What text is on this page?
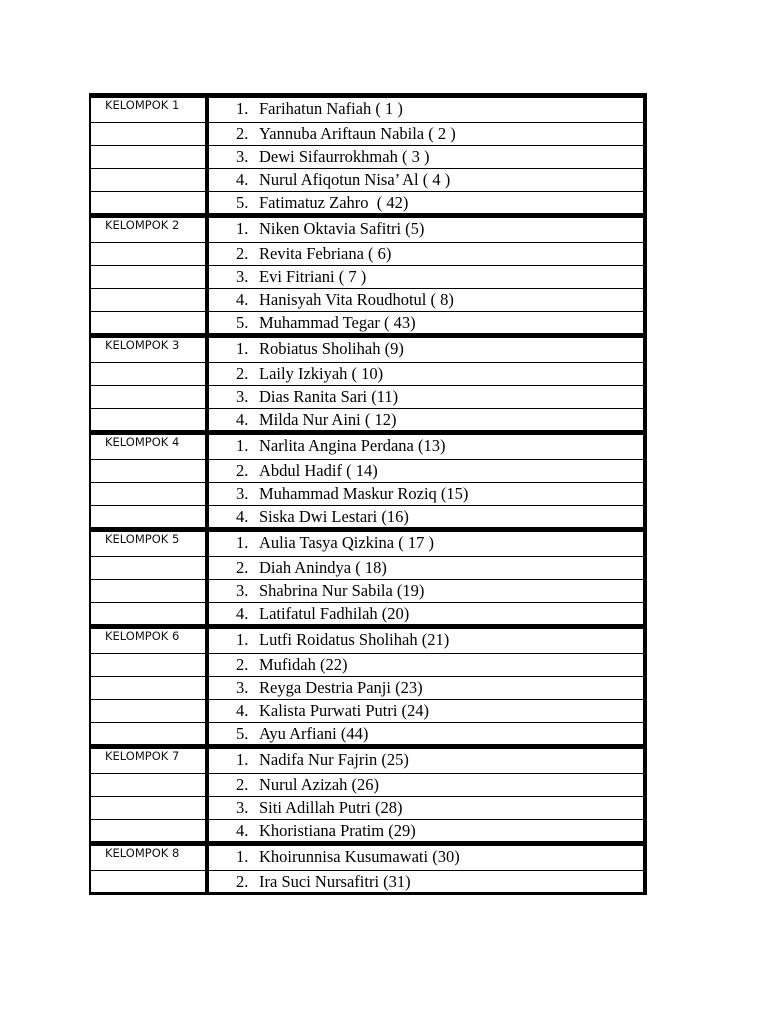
KELOMPOK 1	1. Farihatun Nafiah ( 1 )

	2. Yannuba Ariftaun Nabila ( 2 )

	3. Dewi Sifaurrokhmah ( 3 )

	4. Nurul Afiqotun Nisa’ Al ( 4 )

	5. Fatimatuz Zahro  ( 42)

KELOMPOK 2	1. Niken Oktavia Safitri (5)

	2. Revita Febriana ( 6)

	3. Evi Fitriani ( 7 )

	4. Hanisyah Vita Roudhotul ( 8)

	5. Muhammad Tegar ( 43)

KELOMPOK 3	1. Robiatus Sholihah (9)

	2. Laily Izkiyah ( 10)

	3. Dias Ranita Sari (11)

	4. Milda Nur Aini ( 12)

KELOMPOK 4	1. Narlita Angina Perdana (13)

	2. Abdul Hadif ( 14)

	3. Muhammad Maskur Roziq (15)

	4. Siska Dwi Lestari (16)

KELOMPOK 5	1. Aulia Tasya Qizkina ( 17 )

	2. Diah Anindya ( 18)

	3. Shabrina Nur Sabila (19)

	4. Latifatul Fadhilah (20)

KELOMPOK 6	1. Lutfi Roidatus Sholihah (21)

	2. Mufidah (22)

	3. Reyga Destria Panji (23)

	4. Kalista Purwati Putri (24)

	5. Ayu Arfiani (44)

KELOMPOK 7	1. Nadifa Nur Fajrin (25)

	2. Nurul Azizah (26)

	3. Siti Adillah Putri (28)

	4. Khoristiana Pratim (29)

KELOMPOK 8	1. Khoirunnisa Kusumawati (30)

	2. Ira Suci Nursafitri (31)
